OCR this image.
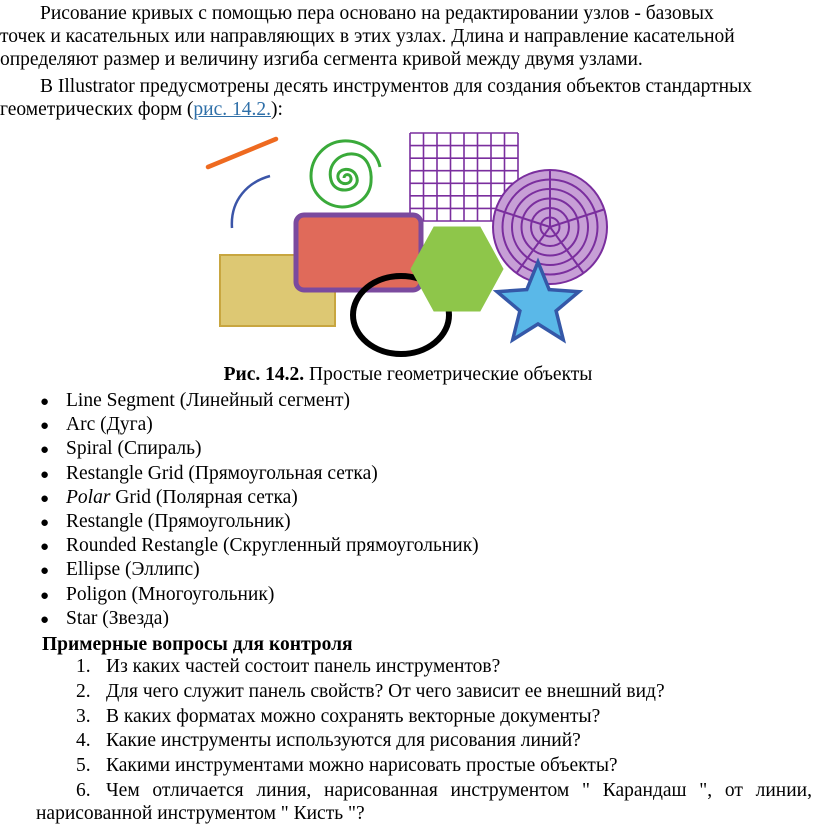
Рисование кривых с помощью пера основано на редактировании узлов - базовых
точек и касательных или направляющих в этих узлах. Длина и направление касательной
определяют размер и величину изгиба сегмента кривой между двумя узлами.
В Illustrator предусмотрены десять инструментов для создания объектов стандартных
геометрических форм (рис. 14.2.):
Рис. 14.2. Простые геометрические объекты
● Line Segment (Линейный сегмент)
● Arc (Дуга)
● Spiral (Спираль)
● Restangle Grid (Прямоугольная сетка)
● Polar Grid (Полярная сетка)
● Restangle (Прямоугольник)
● Rounded Restangle (Скругленный прямоугольник)
● Ellipse (Эллипс)
● Poligon (Многоугольник)
● Star (Звезда)
Примерные вопросы для контроля
1. Из каких частей состоит панель инструментов?
2. Для чего служит панель свойств? От чего зависит ее внешний вид?
3. В каких форматах можно сохранять векторные документы?
4. Какие инструменты используются для рисования линий?
5. Какими инструментами можно нарисовать простые объекты?
6. Чем отличается линия, нарисованная инструментом " Карандаш ", от линии,
нарисованной инструментом " Кисть "?
